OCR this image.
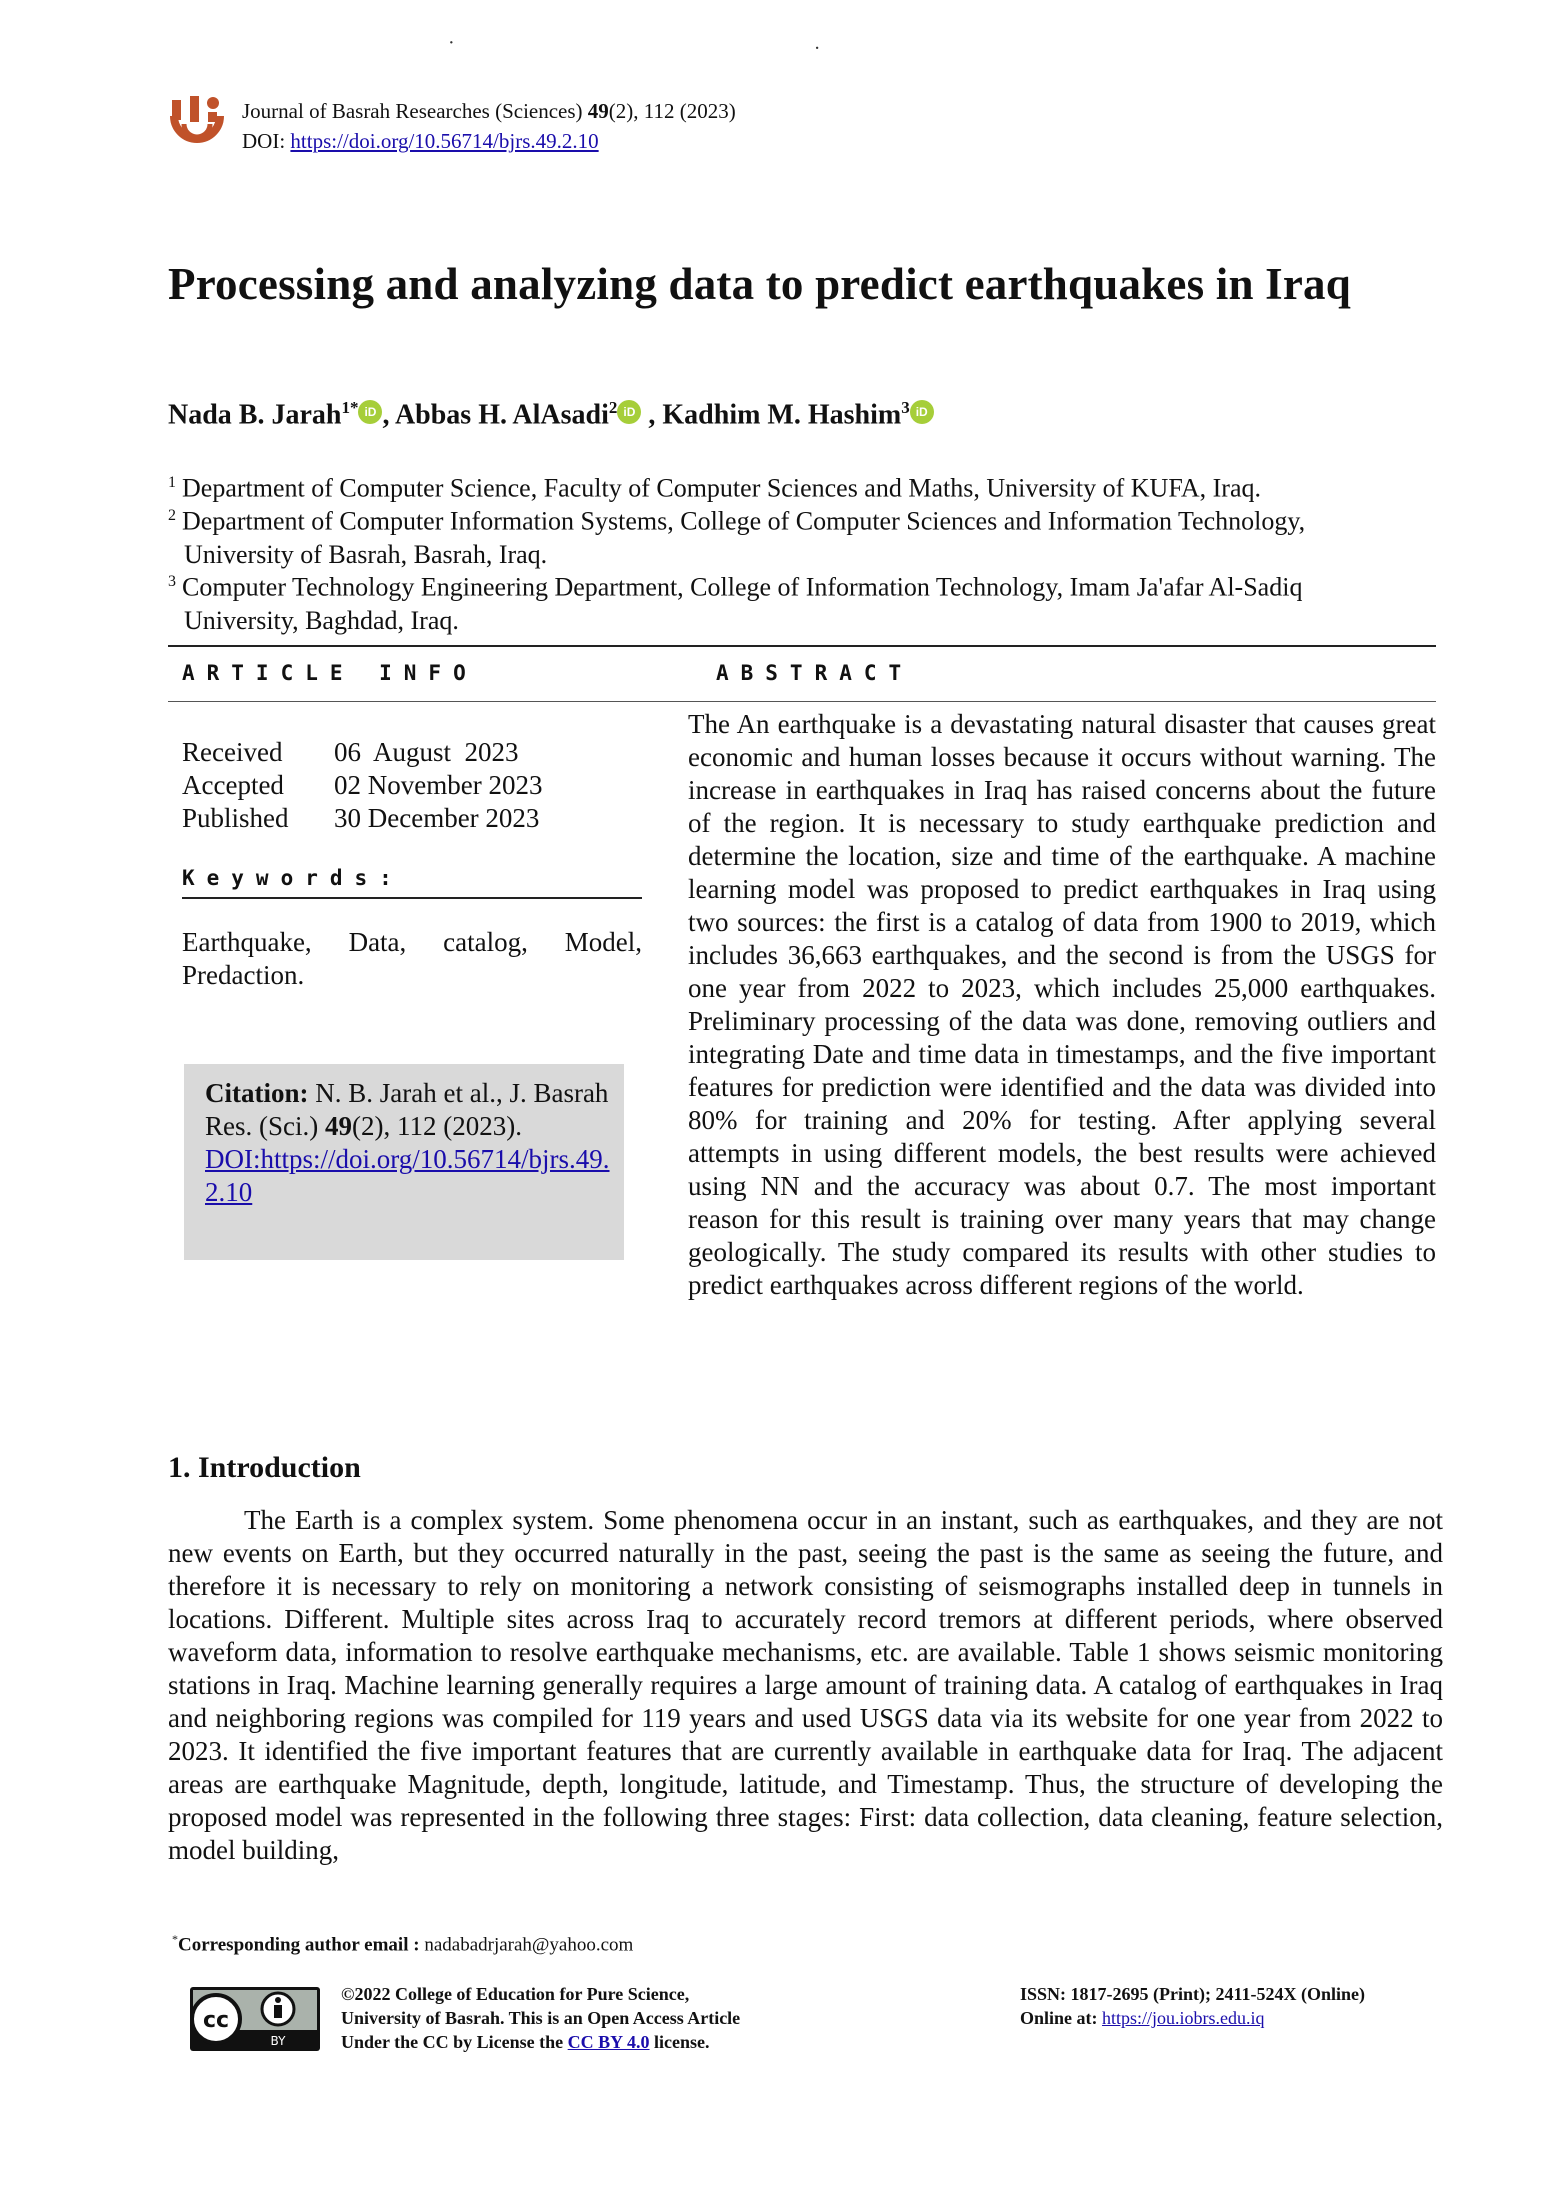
·                                                                        .
Journal of Basrah Researches (Sciences) 49(2), 112 (2023)
DOI: https://doi.org/10.56714/bjrs.49.2.10
Processing and analyzing data to predict earthquakes in Iraq
Nada B. Jarah$^{1*}$ iD , Abbas H. AlAsadi$^2$ iD , Kadhim M. Hashim$^3$ iD
$^1$ Department of Computer Science, Faculty of Computer Sciences and Maths, University of KUFA, Iraq.
$^2$ Department of Computer Information Systems, College of Computer Sciences and Information Technology,
University of Basrah, Basrah, Iraq.
$^3$ Computer Technology Engineering Department, College of Information Technology, Imam Ja'afar Al-Sadiq
University, Baghdad, Iraq.
ARTICLE INFO	ABSTRACT
Received	06  August  2023
Accepted	02 November 2023
Published	30 December 2023
Keywords:
Earthquake, Data, catalog, Model,
Predaction.
Citation: N. B. Jarah et al., J. Basrah Res. (Sci.) 49(2), 112 (2023).
DOI:https://doi.org/10.56714/bjrs.49.2.10
The An earthquake is a devastating natural disaster that causes great economic and human losses because it occurs without warning. The increase in earthquakes in Iraq has raised concerns about the future of the region. It is necessary to study earthquake prediction and determine the location, size and time of the earthquake. A machine learning model was proposed to predict earthquakes in Iraq using two sources: the first is a catalog of data from 1900 to 2019, which includes 36,663 earthquakes, and the second is from the USGS for one year from 2022 to 2023, which includes 25,000 earthquakes. Preliminary processing of the data was done, removing outliers and integrating Date and time data in timestamps, and the five important features for prediction were identified and the data was divided into 80% for training and 20% for testing. After applying several attempts in using different models, the best results were achieved using NN and the accuracy was about 0.7. The most important reason for this result is training over many years that may change geologically. The study compared its results with other studies to predict earthquakes across different regions of the world.
1. Introduction
The Earth is a complex system. Some phenomena occur in an instant, such as earthquakes, and they are not new events on Earth, but they occurred naturally in the past, seeing the past is the same as seeing the future, and therefore it is necessary to rely on monitoring a network consisting of seismographs installed deep in tunnels in locations. Different. Multiple sites across Iraq to accurately record tremors at different periods, where observed waveform data, information to resolve earthquake mechanisms, etc. are available. Table 1 shows seismic monitoring stations in Iraq. Machine learning generally requires a large amount of training data. A catalog of earthquakes in Iraq and neighboring regions was compiled for 119 years and used USGS data via its website for one year from 2022 to 2023. It identified the five important features that are currently available in earthquake data for Iraq. The adjacent areas are earthquake Magnitude, depth, longitude, latitude, and Timestamp. Thus, the structure of developing the proposed model was represented in the following three stages: First: data collection, data cleaning, feature selection, model building,
*Corresponding author email : nadabadrjarah@yahoo.com
cc
BY
©2022 College of Education for Pure Science,
University of Basrah. This is an Open Access Article
Under the CC by License the CC BY 4.0 license.
ISSN: 1817-2695 (Print); 2411-524X (Online)
Online at: https://jou.iobrs.edu.iq
